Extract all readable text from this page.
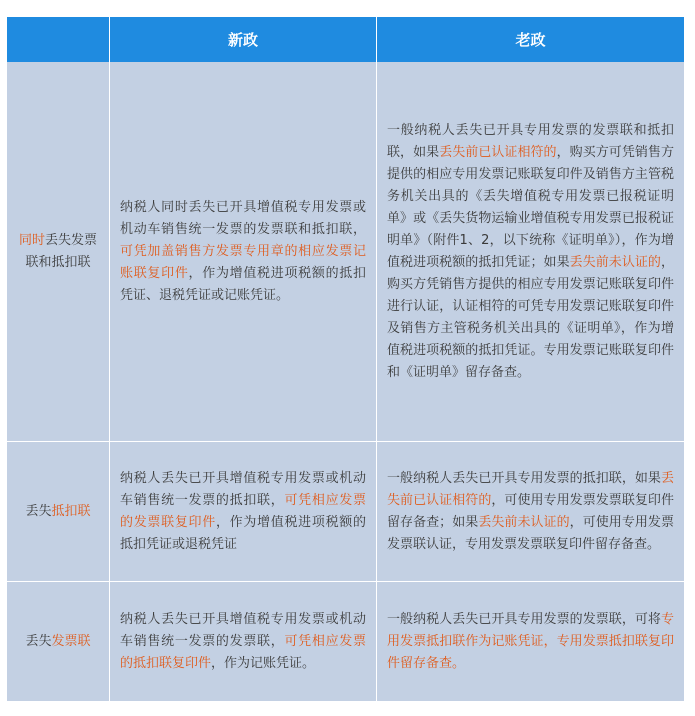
	新政	老政
同时丢失发票联和抵扣联	纳税人同时丢失已开具增值税专用发票或机动车销售统一发票的发票联和抵扣联，可凭加盖销售方发票专用章的相应发票记账联复印件，作为增值税进项税额的抵扣凭证、退税凭证或记账凭证。	一般纳税人丢失已开具专用发票的发票联和抵扣联，如果丢失前已认证相符的，购买方可凭销售方提供的相应专用发票记账联复印件及销售方主管税务机关出具的《丢失增值税专用发票已报税证明单》或《丢失货物运输业增值税专用发票已报税证明单》（附件1、2，以下统称《证明单》），作为增值税进项税额的抵扣凭证；如果丢失前未认证的，购买方凭销售方提供的相应专用发票记账联复印件进行认证，认证相符的可凭专用发票记账联复印件及销售方主管税务机关出具的《证明单》，作为增值税进项税额的抵扣凭证。专用发票记账联复印件和《证明单》留存备查。
丢失抵扣联	纳税人丢失已开具增值税专用发票或机动车销售统一发票的抵扣联，可凭相应发票的发票联复印件，作为增值税进项税额的抵扣凭证或退税凭证	一般纳税人丢失已开具专用发票的抵扣联，如果丢失前已认证相符的，可使用专用发票发票联复印件留存备查；如果丢失前未认证的，可使用专用发票发票联认证，专用发票发票联复印件留存备查。
丢失发票联	纳税人丢失已开具增值税专用发票或机动车销售统一发票的发票联，可凭相应发票的抵扣联复印件，作为记账凭证。	一般纳税人丢失已开具专用发票的发票联，可将专用发票抵扣联作为记账凭证，专用发票抵扣联复印件留存备查。
